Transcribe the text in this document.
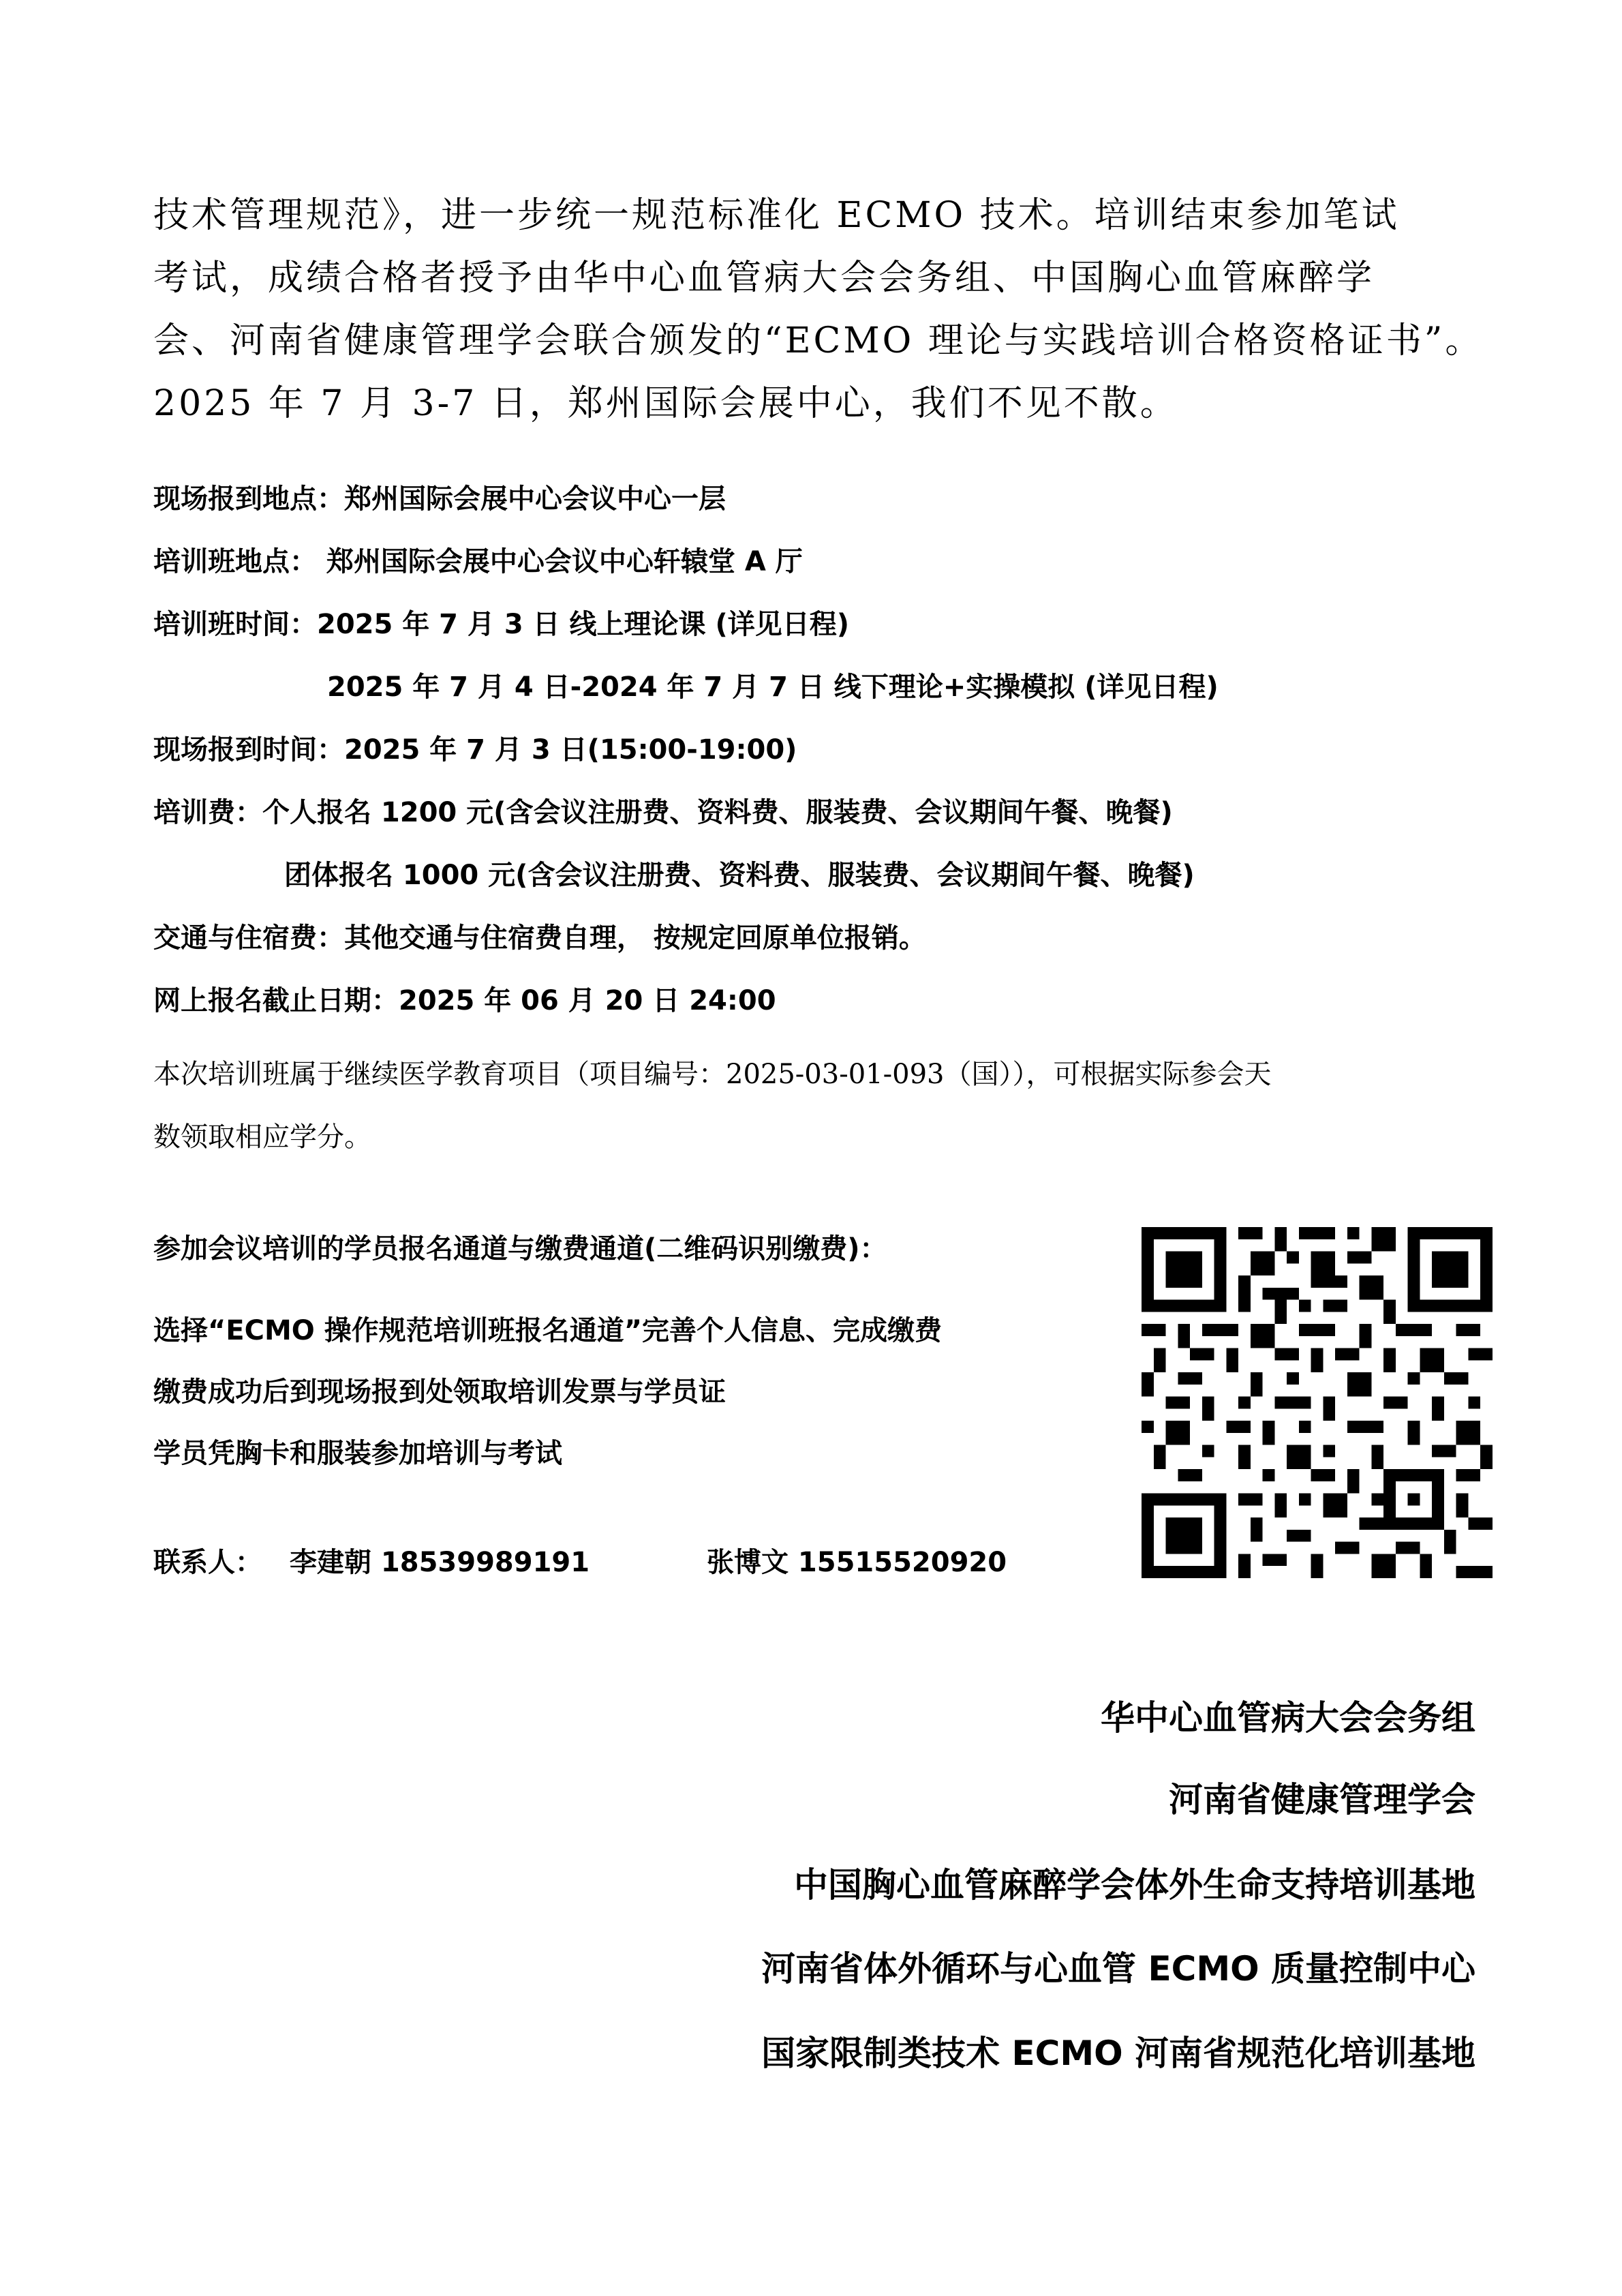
技术管理规范》，进一步统一规范标准化 ECMO 技术。培训结束参加笔试

考试，成绩合格者授予由华中心血管病大会会务组、中国胸心血管麻醉学

会、河南省健康管理学会联合颁发的“ECMO 理论与实践培训合格资格证书”。

2025 年 7 月 3-7 日，郑州国际会展中心，我们不见不散。

现场报到地点：郑州国际会展中心会议中心一层
培训班地点： 郑州国际会展中心会议中心轩辕堂 A 厅
培训班时间：2025 年 7 月 3 日 线上理论课 (详见日程)
2025 年 7 月 4 日-2024 年 7 月 7 日 线下理论+实操模拟 (详见日程)
现场报到时间：2025 年 7 月 3 日(15:00-19:00)
培训费：个人报名 1200 元(含会议注册费、资料费、服装费、会议期间午餐、晚餐)
团体报名 1000 元(含会议注册费、资料费、服装费、会议期间午餐、晚餐)
交通与住宿费：其他交通与住宿费自理， 按规定回原单位报销。
网上报名截止日期：2025 年 06 月 20 日 24:00

本次培训班属于继续医学教育项目（项目编号：2025-03-01-093（国）），可根据实际参会天

数领取相应学分。

参加会议培训的学员报名通道与缴费通道(二维码识别缴费)：
选择“ECMO 操作规范培训班报名通道”完善个人信息、完成缴费
缴费成功后到现场报到处领取培训发票与学员证
学员凭胸卡和服装参加培训与考试
联系人： 李建朝 18539989191	张博文 15515520920
华中心血管病大会会务组
河南省健康管理学会
中国胸心血管麻醉学会体外生命支持培训基地
河南省体外循环与心血管 ECMO 质量控制中心
国家限制类技术 ECMO 河南省规范化培训基地
